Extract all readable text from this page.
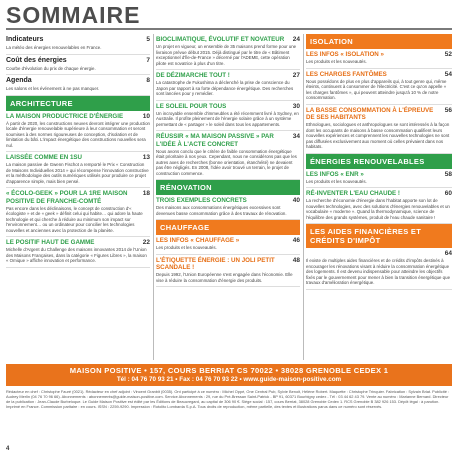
SOMMAIRE
Indicateurs	5
La météo des énergies renouvelables en France.
Coût des énergies	7
Courbe d'évolution du prix de chaque énergie.
Agenda	8
Les salons et les événement à ne pas manquer.
ARCHITECTURE
LA MAISON PRODUCTRICE D'ÉNERGIE	10
À partir de 2020, les constructions neuves devront intégrer une production locale d'énergie renouvelable supérieure à leur consommation et seront soumises à des normes rigoureuses de conception, d'isolation et de limitation du bâti. L'impact énergétique des constructions nouvelles sera nul.
LAISSÉE COMME EN 1SU	13
La maison passive de Gwenn Fischot a remporté le Prix « Construction de Maisons Individuelles 2014 » qui récompense l'innovation constructive et la méthodologie des outils numériques utilisés pour produire ce projet d'apparence simple, mais bien pensé.
« ÉCOLO-GEEK » POUR LA 1RE MAISON POSITIVE DE FRANCHE-COMTÉ
18
Pas encore dans les déclinaisons, le concept de construction d'« écologiste » et de « geek » définit celui qui habite… qui adore la haute technologie et qui cherche à réduire au minimum son impact sur l'environnement… ou un ordinateur pour concilier les technologies nouvelles et anciennes avec la protection de la planète.
LE POSITIF HAUT DE GAMME	22
Michelle d'Argent du Challenge des maisons innovantes 2014 de l'Union des Maisons Françaises, dans la catégorie « Figures Libres », la maison « Omique » affiche innovation et performance.
BIOCLIMATIQUE, ÉVOLUTIF ET NOVATEUR 24
Un projet en vigueur, un ensemble de 35 maisons prend forme pour une livraison prévue début 2015. Déjà distingué par le titre de « Bâtiment exceptionnel d'Île-de-France » décerné par l'ADEME, cette opération pilote est novatrice à plus d'un titre.
DE DÉZIMARCHE TOUT !	27
La catastrophe de Fukushima a déclenché la prise de conscience du Japon par rapport à sa forte dépendance énergétique. Des recherches sont lancées pour y remédier.
LE SOLEIL POUR TOUS	30
Un incroyable ensemble d'immeubles a été récemment livré à Sydney, en Australie. Il profite pleinement de l'énergie solaire grâce à un système permettant de « partager » le soleil dans tous les appartements.
RÉUSSIR « MA MAISON PASSIVE » PAR L'IDÉE À L'ACTE CONCRET
34
Nous avons conclu que le critère de faible consommation énergétique était prioritaire à nos yeux. Cependant, nous ne considérons pas que les autres axes de recherches (bonne orientation, étanchéité) ne devaient pas être négligés. En 2008, l'idée avoir trouvé un terrain, le projet de construction commence.
RÉNOVATION
TROIS EXEMPLES CONCRETS	40
Des maisons aux consommations énergétiques excessives sont devenues basse consommation grâce à des travaux de rénovation.
CHAUFFAGE
LES INFOS « CHAUFFAGE »	46
Les produits et les nouveautés.
L'ÉTIQUETTE ÉNERGIE : UN JOLI PETIT SCANDALE !
48
Depuis 1992, l'Union Européenne s'est engagée dans l'économie. Elle vise à réduire la consommation d'énergie des produits.
ISOLATION
LES INFOS « ISOLATION »	52
Les produits et les nouveautés.
LES CHARGES FANTÔMES	54
Nous possédons de plus en plus d'appareils qui, à tout genre qui, même éteints, continuent à consommer de l'électricité. C'est ce qu'on appelle « les charges fantômes », qui peuvent atteindre jusqu'à 10 % de notre consommation.
LA BASSE CONSOMMATION À L'ÉPREUVE DE SES HABITANTS
56
Ethnologues, sociologues et anthropologues se sont intéressés à la façon dont les occupants de maisons à basse consommation qualifient leurs nouvelles expériences et comprennent les nouvelles technologies ne sont pas diffusées exclusivement aux moment où celles prévaient dans nos habitats.
ÉNERGIES RENOUVELABLES
LES INFOS « ENR »	58
Les produits et les nouveautés.
RÉ-INVENTER L'EAU CHAUDE !	60
La recherche d'économie d'énergie dans l'habitat apporte son lot de nouvelles technologies, avec des solutions d'énergies renouvelables et un vocabulaire « moderne ». Quand la thermodynamique, science de l'équilibre des grands systèmes, produit de l'eau chaude sanitaire !
LES AIDES FINANCIÈRES ET CRÉDITS D'IMPÔT
64
Il existe de multiples aides financières et de crédits d'impôts destinés à encourager les rénovations visant à réduire la consommation énergétique des logements. Il est devenu indispensable pour atteindre les objectifs fixés par le gouvernement pour mener à bien la transition énergétique que travaux d'amélioration énergétique.
MAISON POSITIVE • 157, COURS BERRIAT CS 70022 • 38028 GRENOBLE CEDEX 1
Tél : 04 76 70 93 21 • Fax : 04 76 70 93 22 • www.guide-maison-positive.com
Rédacteur en chef : Christophe Fauré (0021). Rédacteur en chef adjoint : Vincent Granbit (0035). Ont participé à ce numéro : Michel Oppé, One Central Pub, Sylvie Benoit, Hélène Robert. Maquette : Christophe Trinquier. Fabrication : Sylvain Briat. Publicité : Audrey Merlin (04 76 70 96 66). Abonnements : abonnements@guide-maison-positive.com. Service Abonnements : 29, rue du Pré-Bressan Saint-Patrick - BP 91, 60371 Bourbigny cedex - Tél : 03 44 62 43 79. Vente au numéro : Marianne Bernard. Directeur de la publication : Jean-Claude Burbeloque. Le Guide Maison Positive est édité par les Éditions de Beaucregard, au capital de 306 90 €. Siège social : 157, cours Berriat, 38028 Grenoble Cedex 1. RCS Grenoble B 382 926 153. Dépôt légal : à parution. Imprimé en France. Commission paritaire : en cours. ISSN : 2259-9290. Impression : Rotolito Lombarda S.p.A. Tous droits de reproduction, même partielle, des textes et illustrations parus dans ce numéro sont réservés.
4
